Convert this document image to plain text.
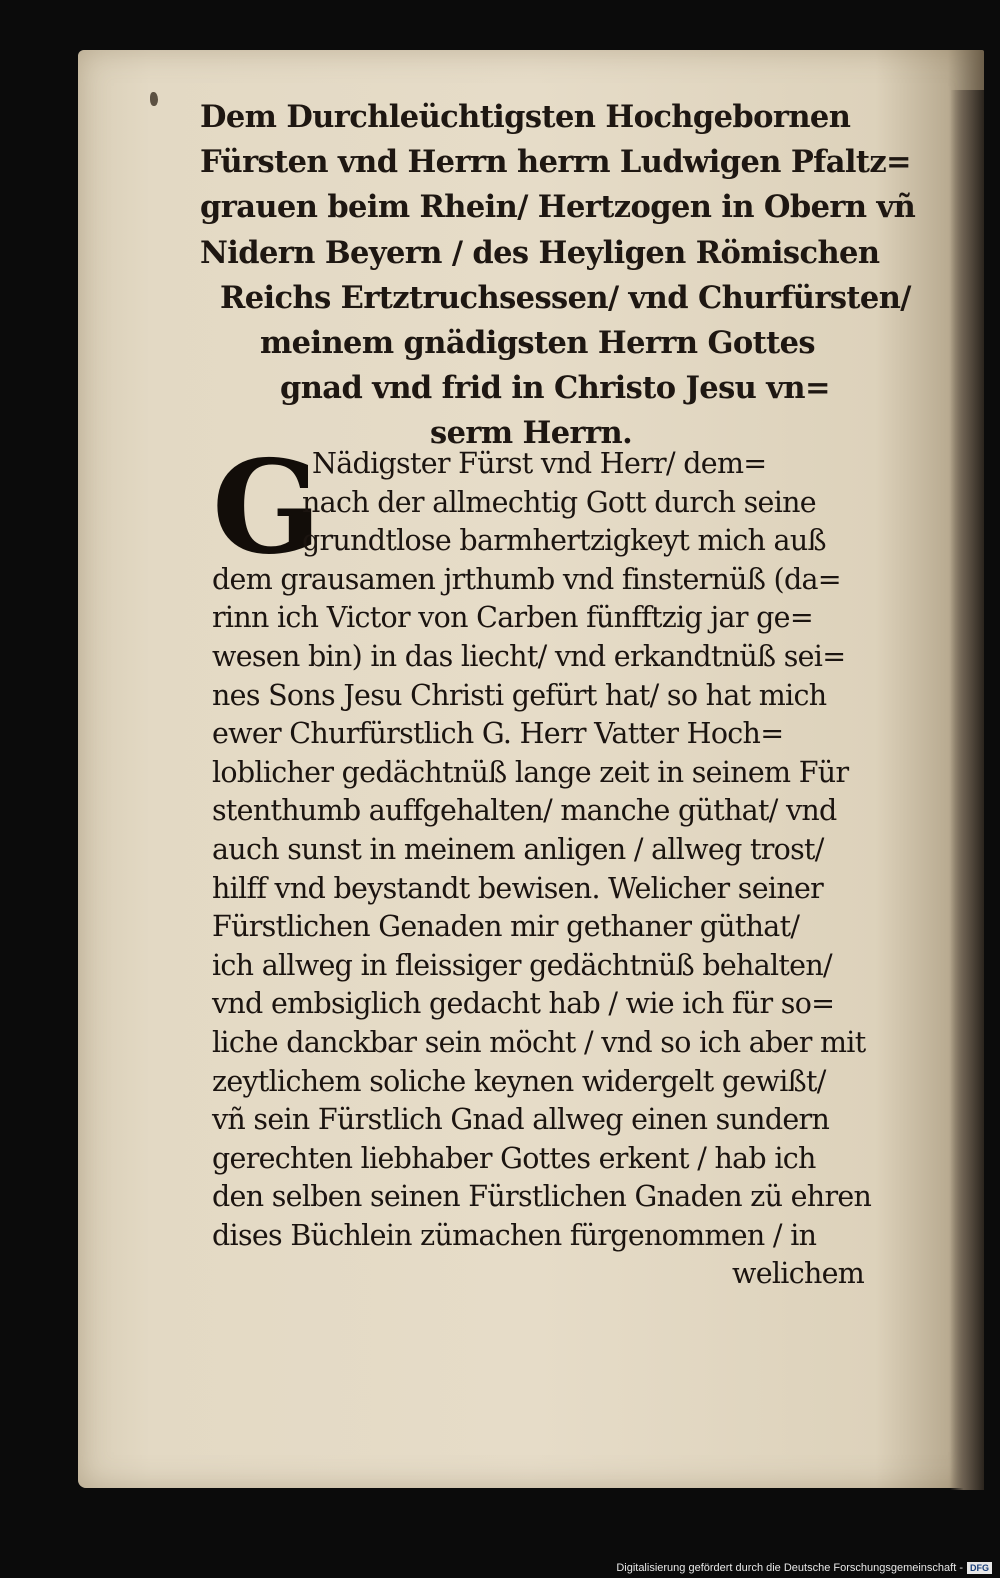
Dem Durchleüchtigsten Hochgebornen
Fürsten vnd Herrn herrn Ludwigen Pfaltz=
grauen beim Rhein/ Hertzogen in Obern vñ
Nidern Beyern / des Heyligen Römischen
Reichs Ertztruchsessen/ vnd Churfürsten/
meinem gnädigsten Herrn Gottes
gnad vnd frid in Christo Jesu vn=
serm Herrn.
G
Nädigster Fürst vnd Herr/ dem=
nach der allmechtig Gott durch seine
grundtlose barmhertzigkeyt mich auß
dem grausamen jrthumb vnd finsternüß (da=
rinn ich Victor von Carben fünfftzig jar ge=
wesen bin) in das liecht/ vnd erkandtnüß sei=
nes Sons Jesu Christi gefürt hat/ so hat mich
ewer Churfürstlich G. Herr Vatter Hoch=
loblicher gedächtnüß lange zeit in seinem Für
stenthumb auffgehalten/ manche güthat/ vnd
auch sunst in meinem anligen / allweg trost/
hilff vnd beystandt bewisen. Welicher seiner
Fürstlichen Genaden mir gethaner güthat/
ich allweg in fleissiger gedächtnüß behalten/
vnd embsiglich gedacht hab / wie ich für so=
liche danckbar sein möcht / vnd so ich aber mit
zeytlichem soliche keynen widergelt gewißt/
vñ sein Fürstlich Gnad allweg einen sundern
gerechten liebhaber Gottes erkent / hab ich
den selben seinen Fürstlichen Gnaden zü ehren
dises Büchlein zümachen fürgenommen / in
welichem
Digitalisierung gefördert durch die Deutsche Forschungsgemeinschaft - DFG
